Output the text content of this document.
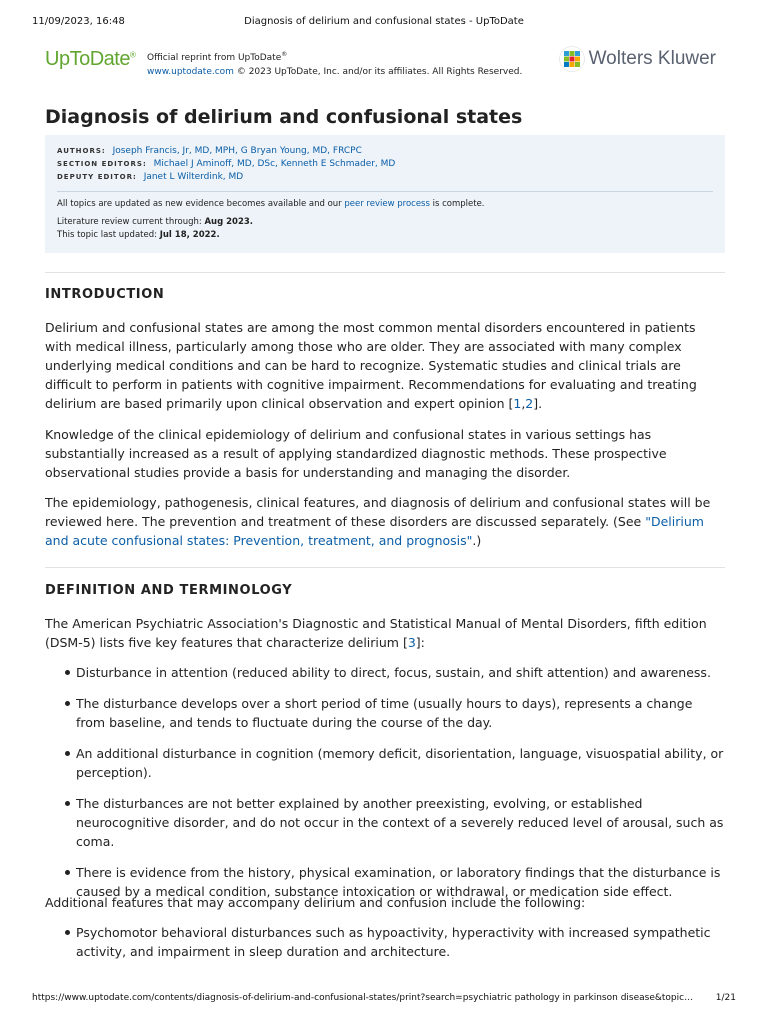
11/09/2023, 16:48	Diagnosis of delirium and confusional states - UpToDate
UpToDate® Official reprint from UpToDate®
www.uptodate.com © 2023 UpToDate, Inc. and/or its affiliates. All Rights Reserved.
Wolters Kluwer
Diagnosis of delirium and confusional states
AUTHORS: Joseph Francis, Jr, MD, MPH, G Bryan Young, MD, FRCPC
SECTION EDITORS: Michael J Aminoff, MD, DSc, Kenneth E Schmader, MD
DEPUTY EDITOR: Janet L Wilterdink, MD
All topics are updated as new evidence becomes available and our peer review process is complete.
Literature review current through: Aug 2023.
This topic last updated: Jul 18, 2022.
INTRODUCTION

Delirium and confusional states are among the most common mental disorders encountered in patients with medical illness, particularly among those who are older. They are associated with many complex underlying medical conditions and can be hard to recognize. Systematic studies and clinical trials are difficult to perform in patients with cognitive impairment. Recommendations for evaluating and treating delirium are based primarily upon clinical observation and expert opinion [1,2].

Knowledge of the clinical epidemiology of delirium and confusional states in various settings has substantially increased as a result of applying standardized diagnostic methods. These prospective observational studies provide a basis for understanding and managing the disorder.

The epidemiology, pathogenesis, clinical features, and diagnosis of delirium and confusional states will be reviewed here. The prevention and treatment of these disorders are discussed separately. (See "Delirium and acute confusional states: Prevention, treatment, and prognosis".)

DEFINITION AND TERMINOLOGY

The American Psychiatric Association's Diagnostic and Statistical Manual of Mental Disorders, fifth edition (DSM-5) lists five key features that characterize delirium [3]:

Disturbance in attention (reduced ability to direct, focus, sustain, and shift attention) and awareness.
The disturbance develops over a short period of time (usually hours to days), represents a change from baseline, and tends to fluctuate during the course of the day.
An additional disturbance in cognition (memory deficit, disorientation, language, visuospatial ability, or perception).
The disturbances are not better explained by another preexisting, evolving, or established neurocognitive disorder, and do not occur in the context of a severely reduced level of arousal, such as coma.
There is evidence from the history, physical examination, or laboratory findings that the disturbance is caused by a medical condition, substance intoxication or withdrawal, or medication side effect.

Additional features that may accompany delirium and confusion include the following:

Psychomotor behavioral disturbances such as hypoactivity, hyperactivity with increased sympathetic activity, and impairment in sleep duration and architecture.
https://www.uptodate.com/contents/diagnosis-of-delirium-and-confusional-states/print?search=psychiatric pathology in parkinson disease&topic…	1/21
